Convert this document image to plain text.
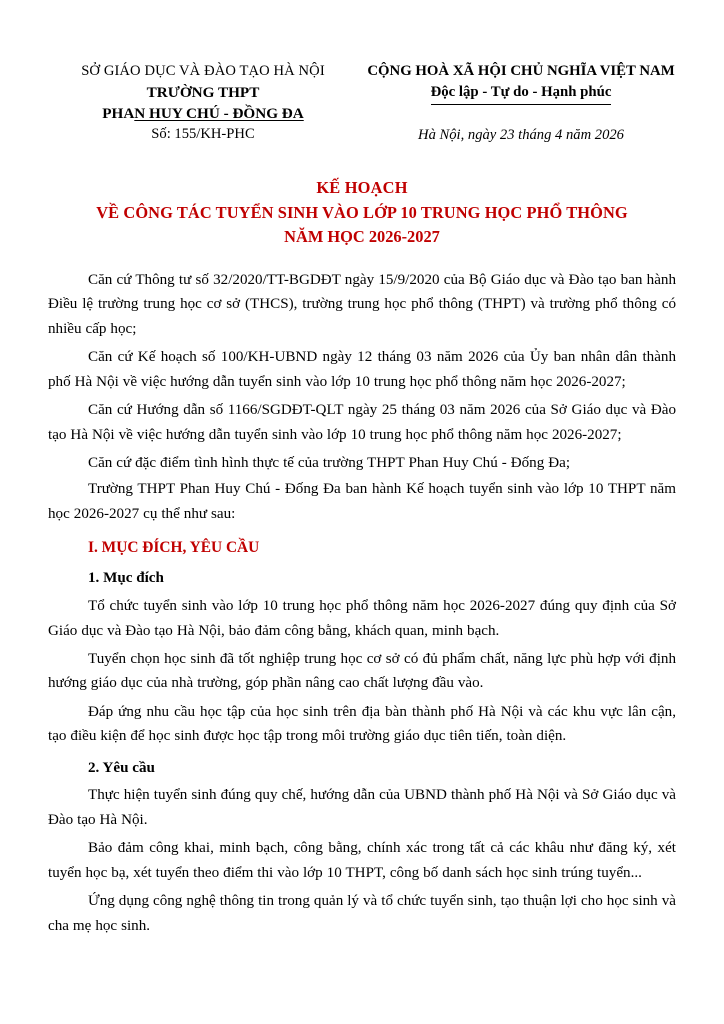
SỞ GIÁO DỤC VÀ ĐÀO TẠO HÀ NỘI
TRƯỜNG THPT
PHAN HUY CHÚ - ĐỒNG ĐA
Số: 155/KH-PHC
CỘNG HOÀ XÃ HỘI CHỦ NGHĨA VIỆT NAM
Độc lập - Tự do - Hạnh phúc
Hà Nội, ngày 23 tháng 4 năm 2026
KẾ HOẠCH
VỀ CÔNG TÁC TUYỂN SINH VÀO LỚP 10 TRUNG HỌC PHỔ THÔNG
NĂM HỌC 2026-2027

Căn cứ Thông tư số 32/2020/TT-BGDĐT ngày 15/9/2020 của Bộ Giáo dục và Đào tạo ban hành Điều lệ trường trung học cơ sở (THCS), trường trung học phổ thông (THPT) và trường phổ thông có nhiều cấp học;

Căn cứ Kế hoạch số 100/KH-UBND ngày 12 tháng 03 năm 2026 của Ủy ban nhân dân thành phố Hà Nội về việc hướng dẫn tuyển sinh vào lớp 10 trung học phổ thông năm học 2026-2027;

Căn cứ Hướng dẫn số 1166/SGDĐT-QLT ngày 25 tháng 03 năm 2026 của Sở Giáo dục và Đào tạo Hà Nội về việc hướng dẫn tuyển sinh vào lớp 10 trung học phổ thông năm học 2026-2027;

Căn cứ đặc điểm tình hình thực tế của trường THPT Phan Huy Chú - Đống Đa;

Trường THPT Phan Huy Chú - Đống Đa ban hành Kế hoạch tuyển sinh vào lớp 10 THPT năm học 2026-2027 cụ thể như sau:

I. MỤC ĐÍCH, YÊU CẦU
1. Mục đích

Tổ chức tuyển sinh vào lớp 10 trung học phổ thông năm học 2026-2027 đúng quy định của Sở Giáo dục và Đào tạo Hà Nội, bảo đảm công bằng, khách quan, minh bạch.

Tuyển chọn học sinh đã tốt nghiệp trung học cơ sở có đủ phẩm chất, năng lực phù hợp với định hướng giáo dục của nhà trường, góp phần nâng cao chất lượng đầu vào.

Đáp ứng nhu cầu học tập của học sinh trên địa bàn thành phố Hà Nội và các khu vực lân cận, tạo điều kiện để học sinh được học tập trong môi trường giáo dục tiên tiến, toàn diện.

2. Yêu cầu

Thực hiện tuyển sinh đúng quy chế, hướng dẫn của UBND thành phố Hà Nội và Sở Giáo dục và Đào tạo Hà Nội.

Bảo đảm công khai, minh bạch, công bằng, chính xác trong tất cả các khâu như đăng ký, xét tuyển học bạ, xét tuyển theo điểm thi vào lớp 10 THPT, công bố danh sách học sinh trúng tuyển...

Ứng dụng công nghệ thông tin trong quản lý và tổ chức tuyển sinh, tạo thuận lợi cho học sinh và cha mẹ học sinh.
